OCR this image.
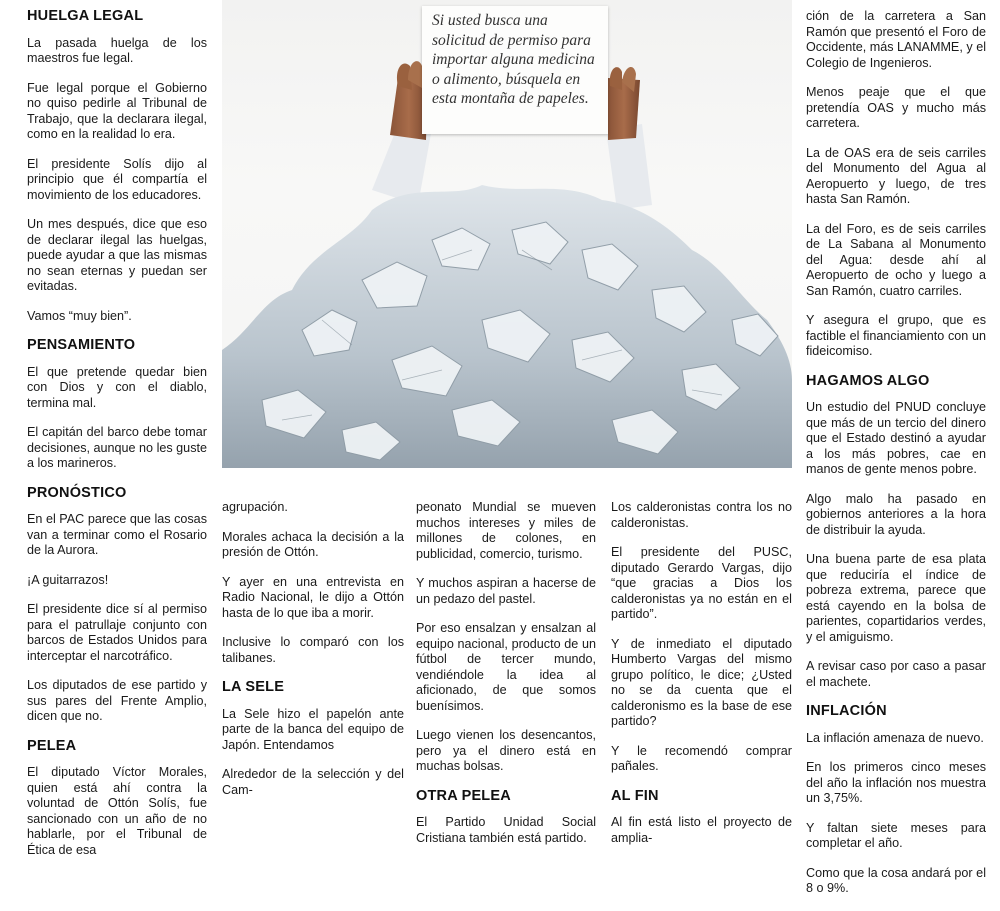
Si usted busca una solicitud de permiso para importar alguna medicina o alimento, búsquela en esta montaña de papeles.
HUELGA LEGAL

La pasada huelga de los maestros fue legal.

Fue legal porque el Gobierno no quiso pedirle al Tribunal de Trabajo, que la declarara ilegal, como en la realidad lo era.

El presidente Solís dijo al principio que él compartía el movimiento de los educadores.

Un mes después, dice que eso de declarar ilegal las huelgas, puede ayudar a que las mismas no sean eternas y puedan ser evitadas.

Vamos “muy bien”.

PENSAMIENTO

El que pretende quedar bien con Dios y con el diablo, termina mal.

El capitán del barco debe tomar decisiones, aunque no les guste a los marineros.

PRONÓSTICO

En el PAC parece que las cosas van a terminar como el Rosario de la Aurora.

¡A guitarrazos!

El presidente dice sí al permiso para el patrullaje conjunto con barcos de Estados Unidos para interceptar el narcotráfico.

Los diputados de ese partido y sus pares del Frente Amplio, dicen que no.

PELEA

El diputado Víctor Morales, quien está ahí contra la voluntad de Ottón Solís, fue sancionado con un año de no hablarle, por el Tribunal de Ética de esa

agrupación.

Morales achaca la decisión a la presión de Ottón.

Y ayer en una entrevista en Radio Nacional, le dijo a Ottón hasta de lo que iba a morir.

Inclusive lo comparó con los talibanes.

LA SELE

La Sele hizo el papelón ante parte de la banca del equipo de Japón. Entendamos

Alrededor de la selección y del Cam-

peonato Mundial se mueven muchos intereses y miles de millones de colones, en publicidad, comercio, turismo.

Y muchos aspiran a hacerse de un pedazo del pastel.

Por eso ensalzan y ensalzan al equipo nacional, producto de un fútbol de tercer mundo, vendiéndole la idea al aficionado, de que somos buenísimos.

Luego vienen los desencantos, pero ya el dinero está en muchas bolsas.

OTRA PELEA

El Partido Unidad Social Cristiana también está partido.

Los calderonistas contra los no calderonistas.

El presidente del PUSC, diputado Gerardo Vargas, dijo “que gracias a Dios los calderonistas ya no están en el partido”.

Y de inmediato el diputado Humberto Vargas del mismo grupo político, le dice; ¿Usted no se da cuenta que el calderonismo es la base de ese partido?

Y le recomendó comprar pañales.

AL FIN

Al fin está listo el proyecto de amplia-

ción de la carretera a San Ramón que presentó el Foro de Occidente, más LANAMME, y el Colegio de Ingenieros.

Menos peaje que el que pretendía OAS y mucho más carretera.

La de OAS era de seis carriles del Monumento del Agua al Aeropuerto y luego, de tres hasta San Ramón.

La del Foro, es de seis carriles de La Sabana al Monumento del Agua: desde ahí al Aeropuerto de ocho y luego a San Ramón, cuatro carriles.

Y asegura el grupo, que es factible el financiamiento con un fideicomiso.

HAGAMOS ALGO

Un estudio del PNUD concluye que más de un tercio del dinero que el Estado destinó a ayudar a los más pobres, cae en manos de gente menos pobre.

Algo malo ha pasado en gobiernos anteriores a la hora de distribuir la ayuda.

Una buena parte de esa plata que reduciría el índice de pobreza extrema, parece que está cayendo en la bolsa de parientes, copartidarios verdes, y el amiguismo.

A revisar caso por caso a pasar el machete.

INFLACIÓN

La inflación amenaza de nuevo.

En los primeros cinco meses del año la inflación nos muestra un 3,75%.

Y faltan siete meses para completar el año.

Como que la cosa andará por el 8 o 9%.
